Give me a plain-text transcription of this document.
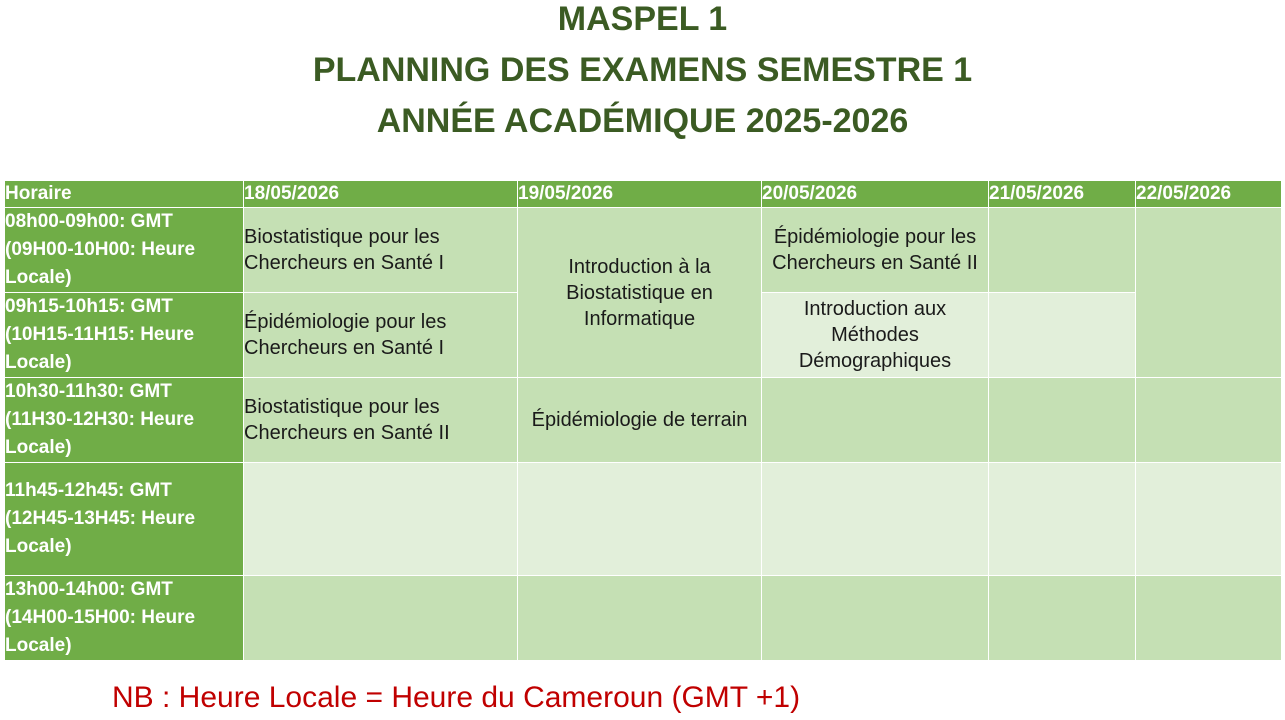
MASPEL 1
PLANNING DES EXAMENS SEMESTRE 1
ANNÉE ACADÉMIQUE 2025-2026
Horaire	18/05/2026	19/05/2026	20/05/2026	21/05/2026	22/05/2026
08h00-09h00: GMT (09H00-10H00: Heure Locale)	Biostatistique pour les Chercheurs en Santé I	Introduction à la Biostatistique en Informatique	Épidémiologie pour les Chercheurs en Santé II		
09h15-10h15: GMT (10H15-11H15: Heure Locale)	Épidémiologie pour les Chercheurs en Santé I		Introduction aux Méthodes Démographiques		
10h30-11h30: GMT (11H30-12H30: Heure Locale)	Biostatistique pour les Chercheurs en Santé II	Épidémiologie de terrain			
11h45-12h45: GMT (12H45-13H45: Heure Locale)					
13h00-14h00: GMT (14H00-15H00: Heure Locale)					
NB : Heure Locale = Heure du Cameroun (GMT +1)
